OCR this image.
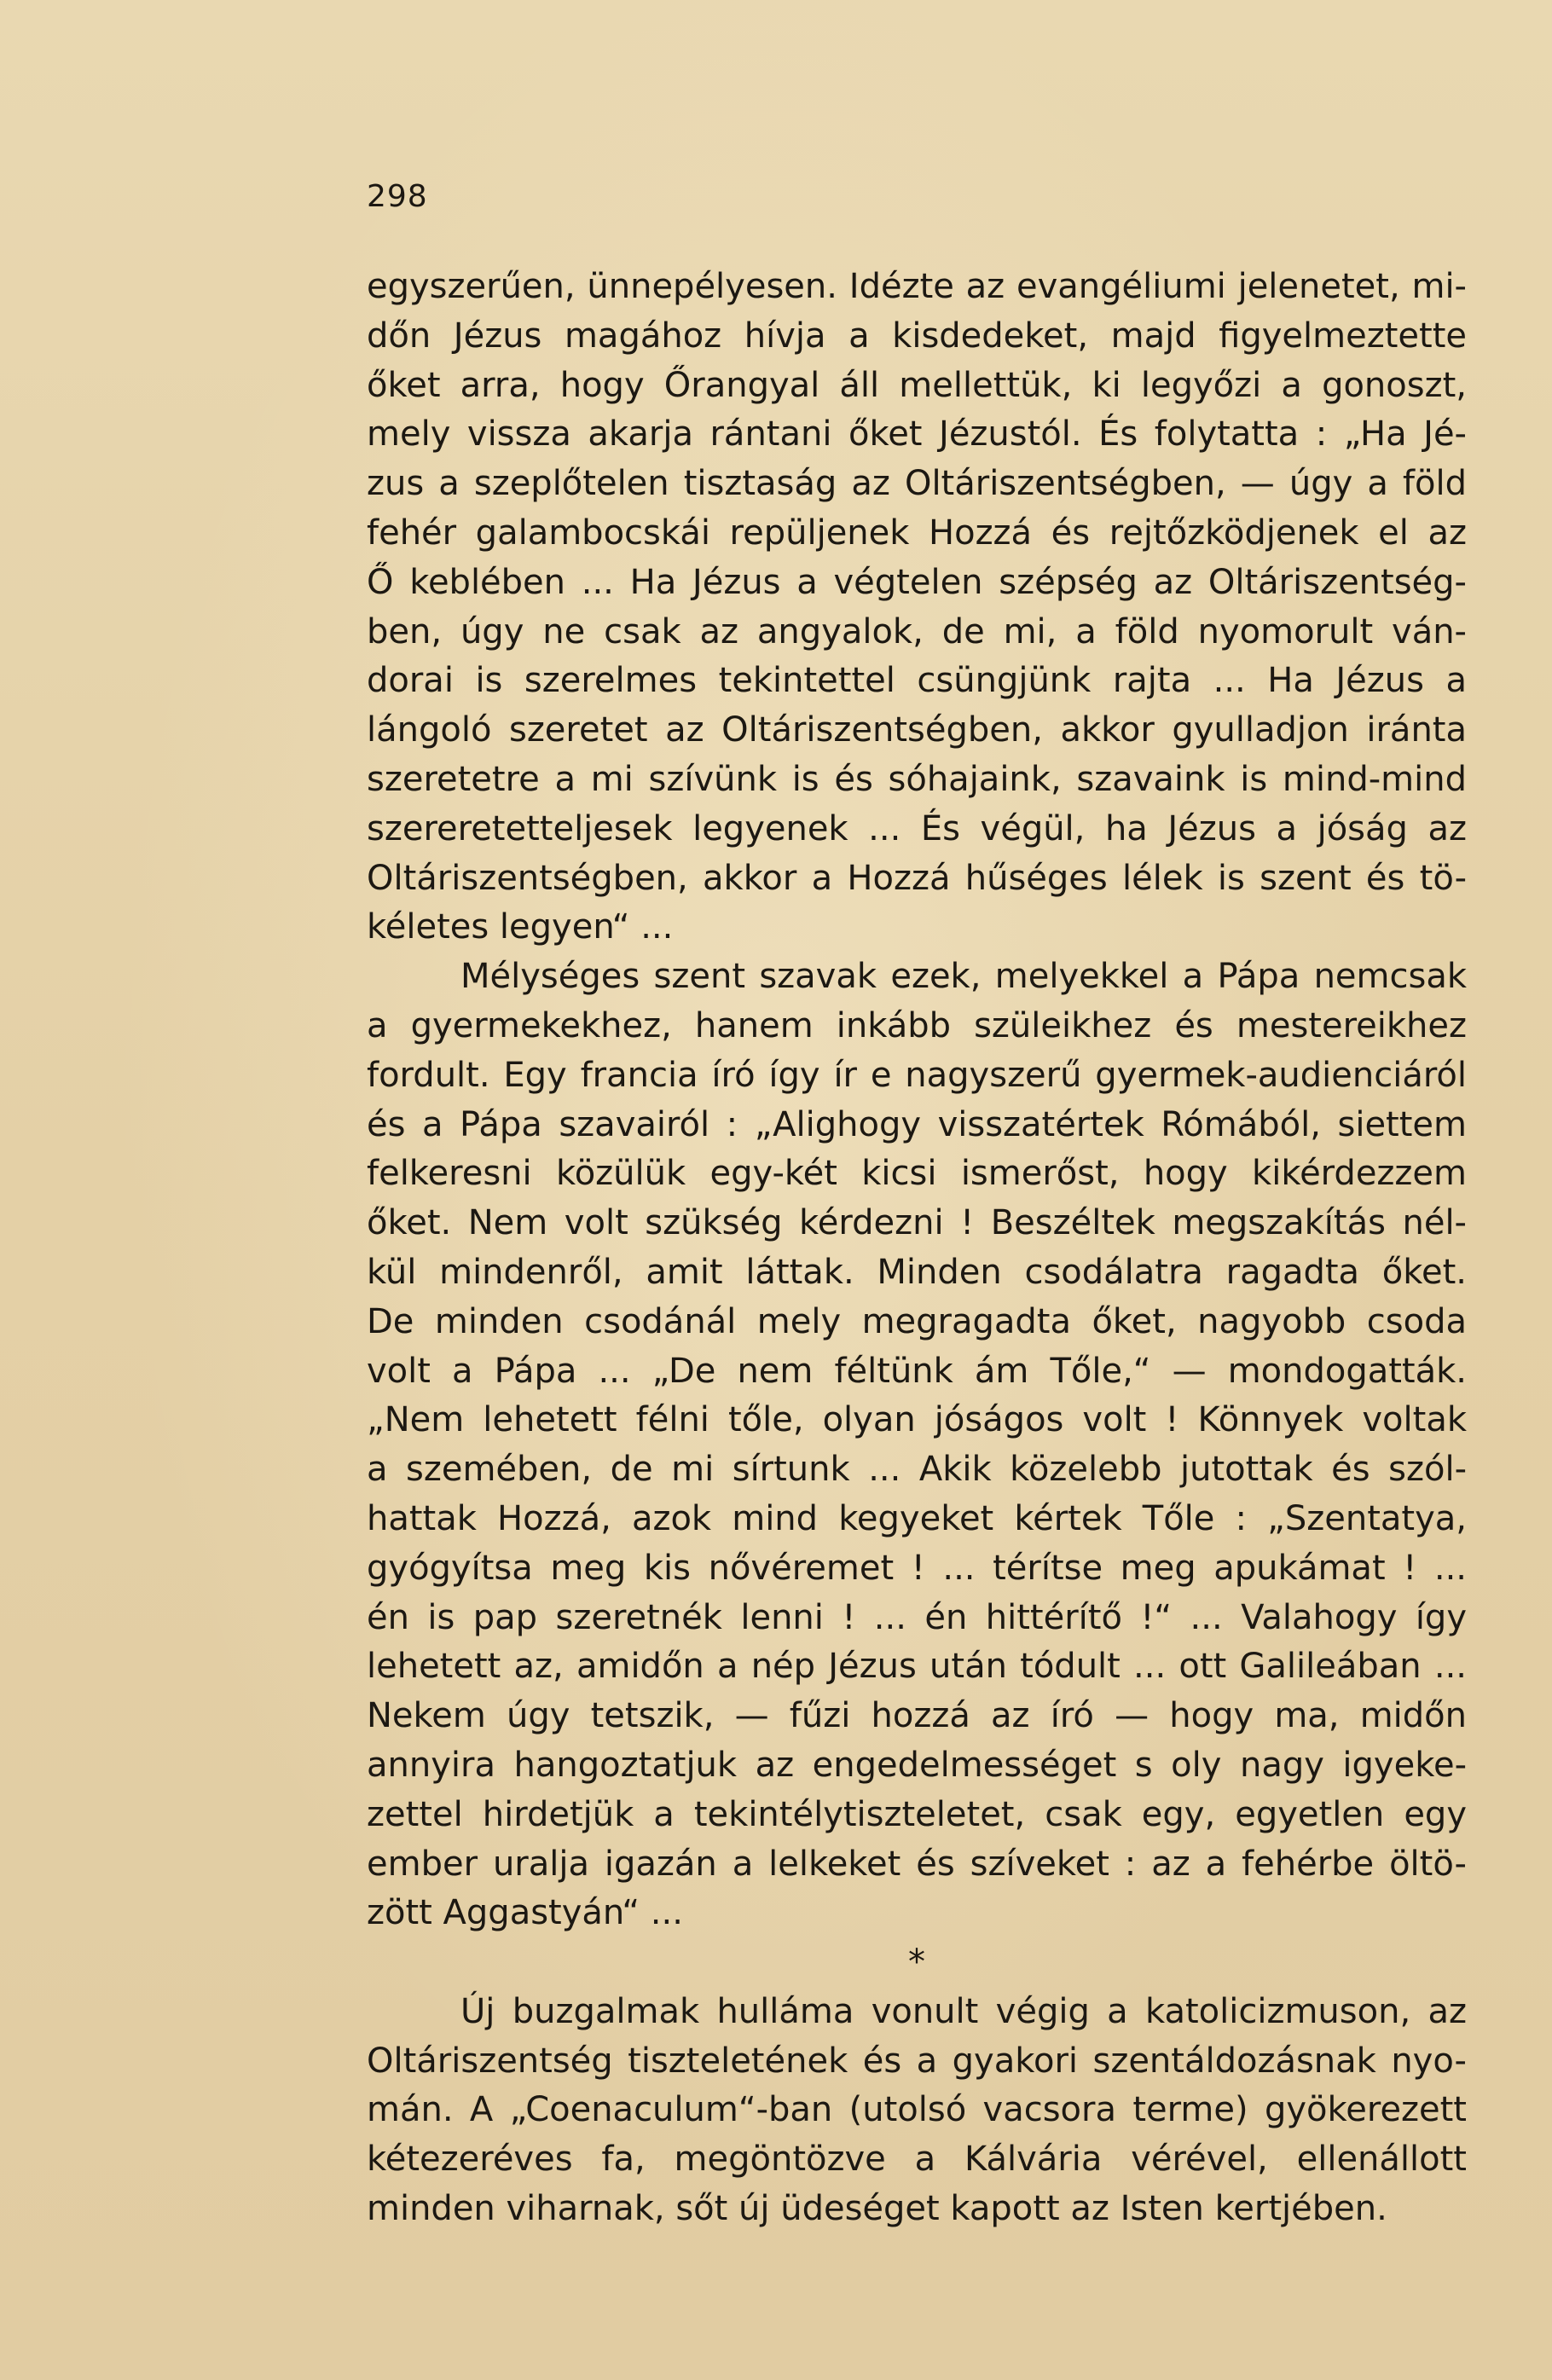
298
egyszerűen, ünnepélyesen. Idézte az evangéliumi jelenetet, mi-
dőn Jézus magához hívja a kisdedeket, majd figyelmeztette
őket arra, hogy Őrangyal áll mellettük, ki legyőzi a gonoszt,
mely vissza akarja rántani őket Jézustól. És folytatta : „Ha Jé-
zus a szeplőtelen tisztaság az Oltáriszentségben, — úgy a föld
fehér galambocskái repüljenek Hozzá és rejtőzködjenek el az
Ő keblében ... Ha Jézus a végtelen szépség az Oltáriszentség-
ben, úgy ne csak az angyalok, de mi, a föld nyomorult ván-
dorai is szerelmes tekintettel csüngjünk rajta ... Ha Jézus a
lángoló szeretet az Oltáriszentségben, akkor gyulladjon iránta
szeretetre a mi szívünk is és sóhajaink, szavaink is mind-mind
szereretetteljesek legyenek ... És végül, ha Jézus a jóság az
Oltáriszentségben, akkor a Hozzá hűséges lélek is szent és tö-
kéletes legyen“ ...
Mélységes szent szavak ezek, melyekkel a Pápa nemcsak
a gyermekekhez, hanem inkább szüleikhez és mestereikhez
fordult. Egy francia író így ír e nagyszerű gyermek-audienciáról
és a Pápa szavairól : „Alighogy visszatértek Rómából, siettem
felkeresni közülük egy-két kicsi ismerőst, hogy kikérdezzem
őket. Nem volt szükség kérdezni ! Beszéltek megszakítás nél-
kül mindenről, amit láttak. Minden csodálatra ragadta őket.
De minden csodánál mely megragadta őket, nagyobb csoda
volt a Pápa ... „De nem féltünk ám Tőle,“ — mondogatták.
„Nem lehetett félni tőle, olyan jóságos volt ! Könnyek voltak
a szemében, de mi sírtunk ... Akik közelebb jutottak és szól-
hattak Hozzá, azok mind kegyeket kértek Tőle : „Szentatya,
gyógyítsa meg kis nővéremet ! ... térítse meg apukámat ! ...
én is pap szeretnék lenni ! ... én hittérítő !“ ... Valahogy így
lehetett az, amidőn a nép Jézus után tódult ... ott Galileában ...
Nekem úgy tetszik, — fűzi hozzá az író — hogy ma, midőn
annyira hangoztatjuk az engedelmességet s oly nagy igyeke-
zettel hirdetjük a tekintélytiszteletet, csak egy, egyetlen egy
ember uralja igazán a lelkeket és szíveket : az a fehérbe öltö-
zött Aggastyán“ ...
*
Új buzgalmak hulláma vonult végig a katolicizmuson, az
Oltáriszentség tiszteletének és a gyakori szentáldozásnak nyo-
mán. A „Coenaculum“-ban (utolsó vacsora terme) gyökerezett
kétezeréves fa, megöntözve a Kálvária vérével, ellenállott
minden viharnak, sőt új üdeséget kapott az Isten kertjében.
